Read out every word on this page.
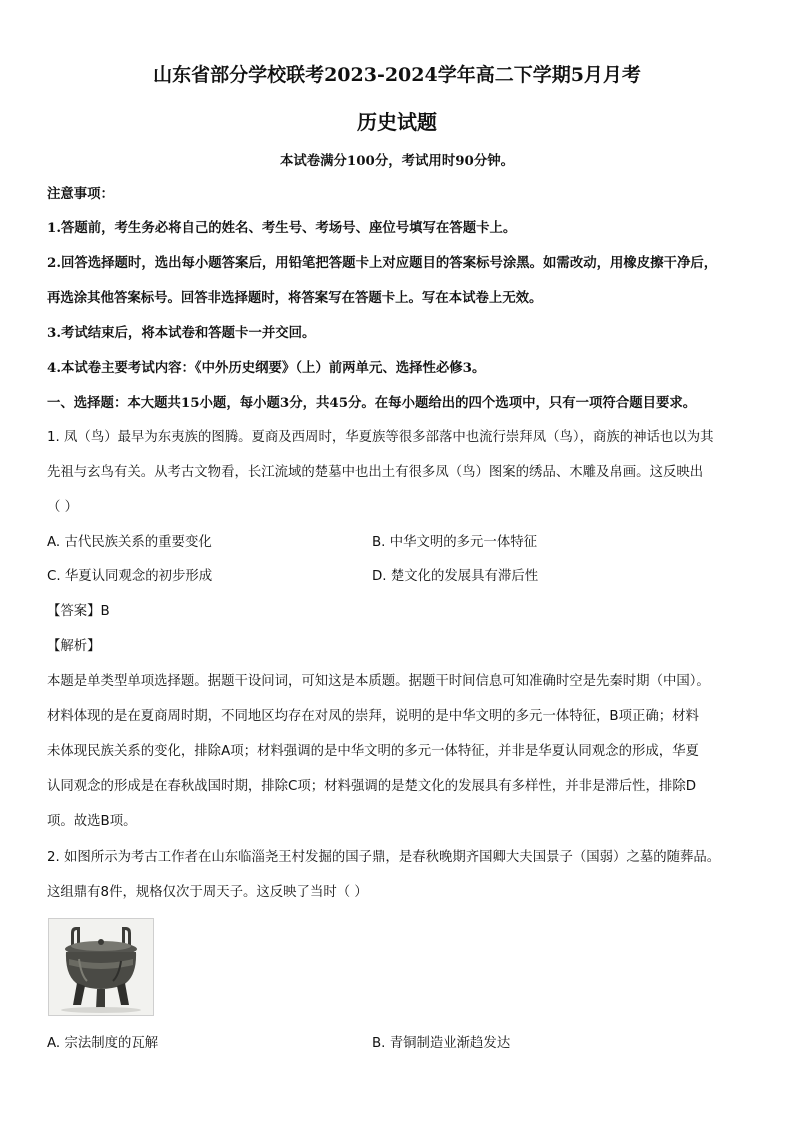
山东省部分学校联考2023-2024学年高二下学期5月月考
历史试题
本试卷满分100分，考试用时90分钟。
注意事项：
1.答题前，考生务必将自己的姓名、考生号、考场号、座位号填写在答题卡上。
2.回答选择题时，选出每小题答案后，用铅笔把答题卡上对应题目的答案标号涂黑。如需改动，用橡皮擦干净后，
再选涂其他答案标号。回答非选择题时，将答案写在答题卡上。写在本试卷上无效。
3.考试结束后，将本试卷和答题卡一并交回。
4.本试卷主要考试内容：《中外历史纲要》（上）前两单元、选择性必修3。
一、选择题：本大题共15小题，每小题3分，共45分。在每小题给出的四个选项中，只有一项符合题目要求。
1. 凤（鸟）最早为东夷族的图腾。夏商及西周时，华夏族等很多部落中也流行崇拜凤（鸟），商族的神话也以为其
先祖与玄鸟有关。从考古文物看，长江流域的楚墓中也出土有很多凤（鸟）图案的绣品、木雕及帛画。这反映出
（ ）
A. 古代民族关系的重要变化	B. 中华文明的多元一体特征
C. 华夏认同观念的初步形成	D. 楚文化的发展具有滞后性
【答案】B
【解析】
本题是单类型单项选择题。据题干设问词，可知这是本质题。据题干时间信息可知准确时空是先秦时期（中国）。
材料体现的是在夏商周时期，不同地区均存在对凤的崇拜，说明的是中华文明的多元一体特征，B项正确；材料
未体现民族关系的变化，排除A项；材料强调的是中华文明的多元一体特征，并非是华夏认同观念的形成，华夏
认同观念的形成是在春秋战国时期，排除C项；材料强调的是楚文化的发展具有多样性，并非是滞后性，排除D
项。故选B项。
2. 如图所示为考古工作者在山东临淄尧王村发掘的国子鼎，是春秋晚期齐国卿大夫国景子（国弱）之墓的随葬品。
这组鼎有8件，规格仅次于周天子。这反映了当时（ ）
A. 宗法制度的瓦解	B. 青铜制造业渐趋发达
